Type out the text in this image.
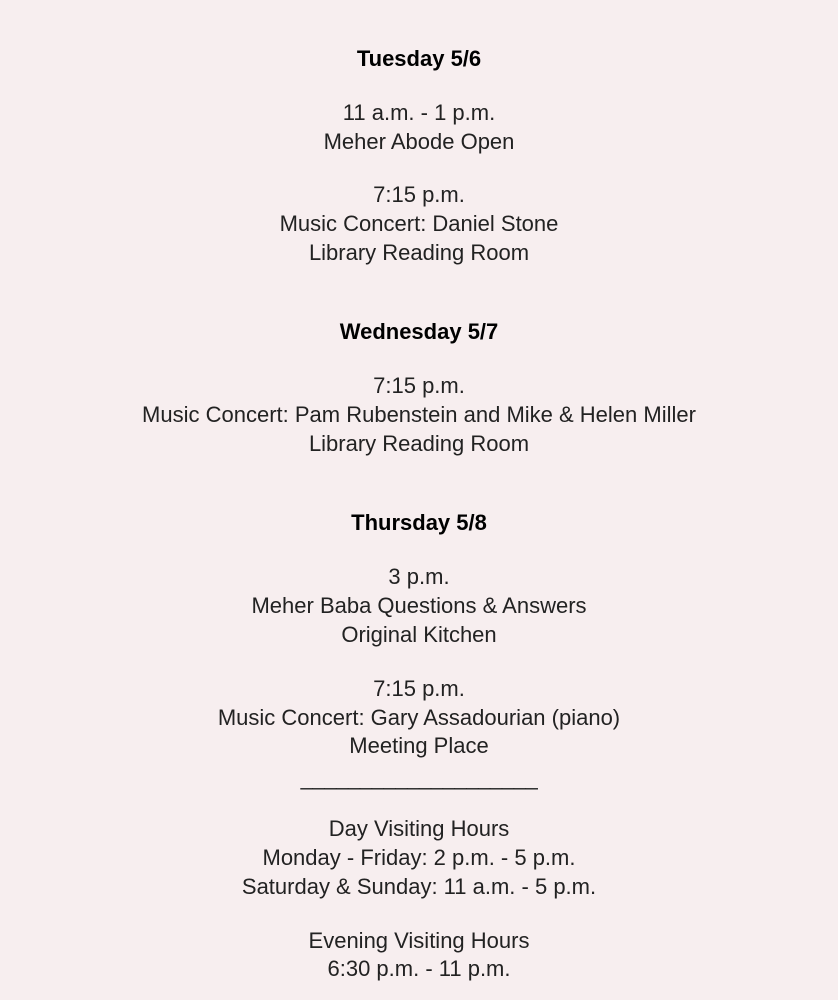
Tuesday 5/6
11 a.m. - 1 p.m.
Meher Abode Open
7:15 p.m.
Music Concert: Daniel Stone
Library Reading Room
Wednesday 5/7
7:15 p.m.
Music Concert: Pam Rubenstein and Mike & Helen Miller
Library Reading Room
Thursday 5/8
3 p.m.
Meher Baba Questions & Answers
Original Kitchen
7:15 p.m.
Music Concert: Gary Assadourian (piano)
Meeting Place
____________________
Day Visiting Hours
Monday - Friday: 2 p.m. - 5 p.m.
Saturday & Sunday: 11 a.m. - 5 p.m.
Evening Visiting Hours
6:30 p.m. - 11 p.m.
